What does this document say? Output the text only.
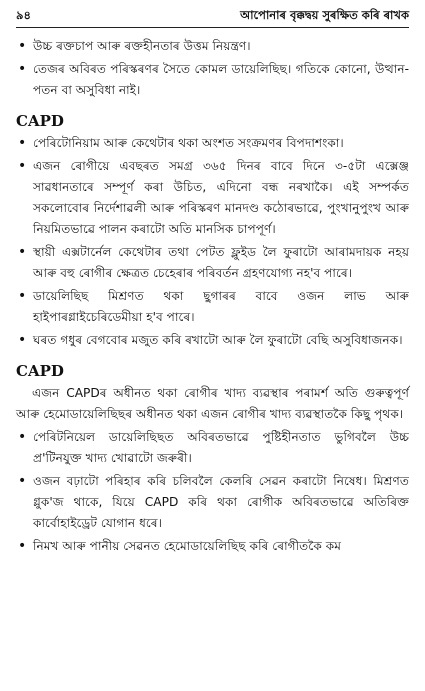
৯৪	আপোনাৰ বৃক্কদ্বয় সুৰক্ষিত কৰি ৰাখক
• উচ্চ ৰক্তচাপ আৰু ৰক্তহীনতাৰ উত্তম নিয়ন্ত্ৰণ।
• তেজৰ অবিৰত পৰিস্কৰণৰ সৈতে কোমল ডায়েলিছিছ। গতিকে কোনো, উত্থান-পতন বা অসুবিধা নাই।
CAPD
• পেৰিটোনিয়াম আৰু কেথেটাৰ থকা অংশত সংক্ৰমণৰ বিপদাশংকা।
• এজন ৰোগীয়ে এবছৰত সমগ্ৰ ৩৬৫ দিনৰ বাবে দিনে ৩-৫টা এক্সেঞ্জ সাৱধানতাৰে সম্পূৰ্ণ কৰা উচিত, এদিনো বন্ধ নৰখাকৈ। এই সম্পৰ্কত সকলোবোৰ নিৰ্দেশাৱলী আৰু পৰিস্কৰণ মানদণ্ড কঠোৰভাৱে, পুংখানুপুংখ আৰু নিয়মিতভাৱে পালন কৰাটো অতি মানসিক চাপপূৰ্ণ।
• স্থায়ী এক্সটাৰ্নেল কেথেটাৰ তথা পেটত ফ্লুইড লৈ ফুৰাটো আৰামদায়ক নহয় আৰু বহু ৰোগীৰ ক্ষেত্ৰত চেহেৰাৰ পৰিবৰ্তন গ্ৰহণযোগ্য নহ'ব পাৰে।
• ডায়েলিছিছ মিশ্ৰণত থকা ছুগাৰৰ বাবে ওজন লাভ আৰু হাইপাৰগ্লাইচেৰিডেমীয়া হ'ব পাৰে।
• ঘৰত গধুৰ বেগবোৰ মজুত কৰি ৰখাটো আৰু লৈ ফুৰাটো বেছি অসুবিধাজনক।
CAPD

এজন CAPDৰ অধীনত থকা ৰোগীৰ খাদ্য ব্যৱস্থাৰ পৰামৰ্শ অতি গুৰুত্বপূৰ্ণ আৰু হেমোডায়েলিছিছৰ অধীনত থকা এজন ৰোগীৰ খাদ্য ব্যৱস্থাতকৈ কিছু পৃথক।

• পেৰিটনিয়েল ডায়েলিছিছত অবিৰতভাৱে পুষ্টিহীনতাত ভুগিবলৈ উচ্চ প্ৰ'টিনযুক্ত খাদ্য খোৱাটো জৰুৰী।
• ওজন বঢ়াটো পৰিহাৰ কৰি চলিবলৈ কেলৰি সেৱন কৰাটো নিষেধ। মিশ্ৰণত গ্লুক'জ থাকে, যিয়ে CAPD কৰি থকা ৰোগীক অবিৰতভাৱে অতিৰিক্ত কাৰ্বোহাইড্ৰেট যোগান ধৰে।
• নিমখ আৰু পানীয় সেৱনত হেমোডায়েলিছিছ কৰি ৰোগীতকৈ কম
